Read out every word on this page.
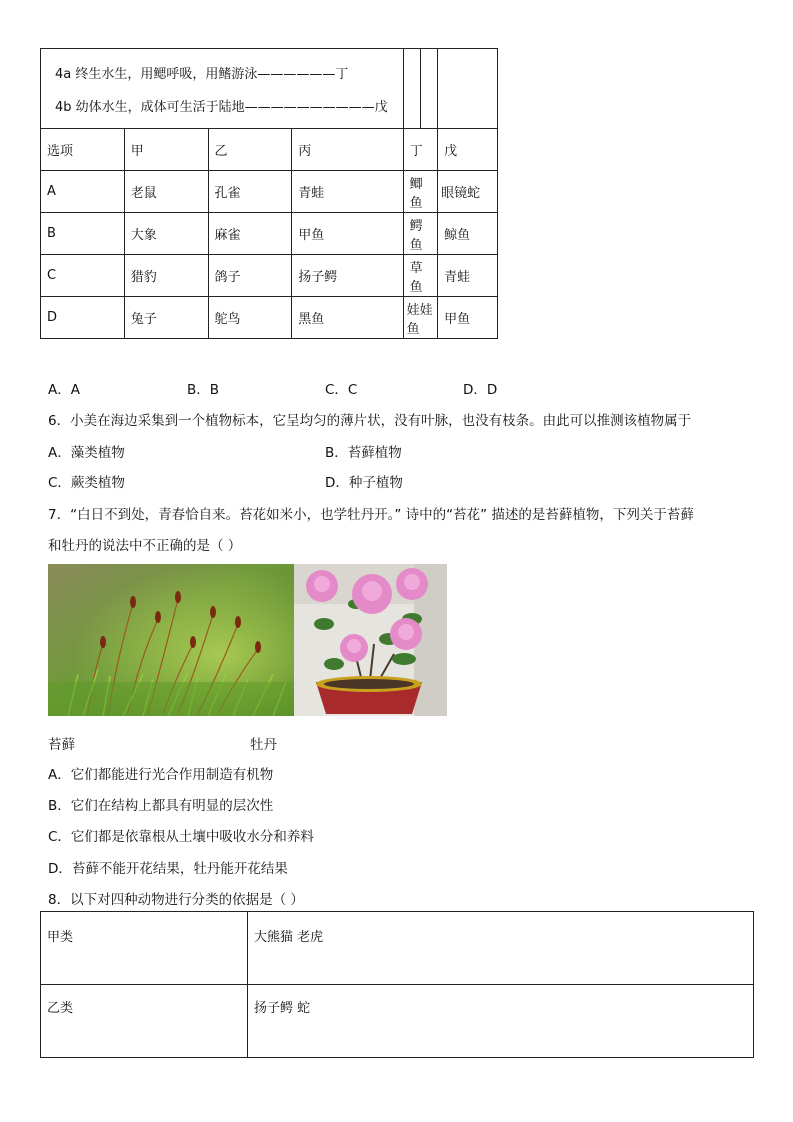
4a 终生水生，用鳃呼吸，用鳍游泳——————丁
4b 幼体水生，成体可生活于陆地——————————戊						

选项	甲	乙	丙	丁		戊
A	老鼠	孔雀	青蛙	鲫鱼		眼镜蛇
B	大象	麻雀	甲鱼	鳄鱼		鲸鱼
C	猎豹	鸽子	扬子鳄	草鱼		青蛙
D	兔子	鸵鸟	黑鱼	娃娃鱼		甲鱼
A．A	B．B	C．C	D．D
6．小美在海边采集到一个植物标本，它呈均匀的薄片状，没有叶脉，也没有枝条。由此可以推测该植物属于
A．藻类植物	B．苔藓植物
C．蕨类植物	D．种子植物
7．“白日不到处，青春恰自来。苔花如米小，也学牡丹开。” 诗中的“苔花” 描述的是苔藓植物，下列关于苔藓
和牡丹的说法中不正确的是（ ）
苔藓	牡丹
A．它们都能进行光合作用制造有机物
B．它们在结构上都具有明显的层次性
C．它们都是依靠根从土壤中吸收水分和养料
D．苔藓不能开花结果，牡丹能开花结果
8．以下对四种动物进行分类的依据是（ ）
甲类	大熊猫 老虎
乙类	扬子鳄 蛇
